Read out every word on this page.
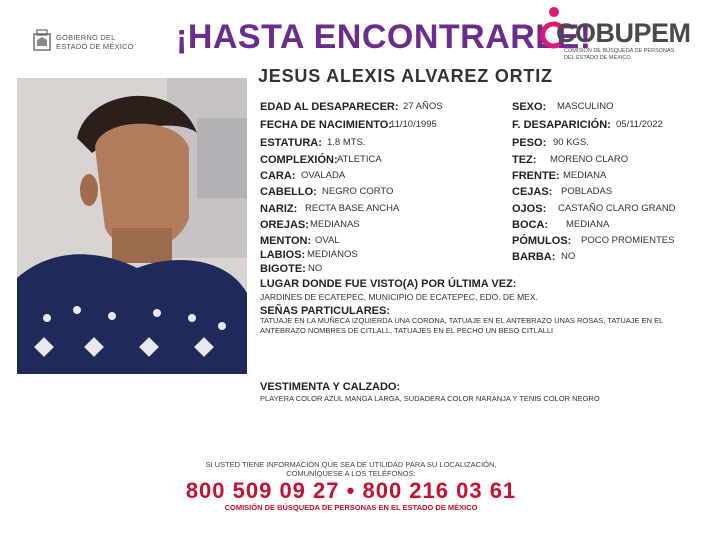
GOBIERNO DEL
ESTADO DE MÉXICO ¡HASTA ENCONTRARLE!
COBUPEM
COMISIÓN DE BÚSQUEDA DE PERSONAS
DEL ESTADO DE MÉXICO
JESUS ALEXIS ALVAREZ ORTIZ
EDAD AL DESAPARECER: 27 AÑOS
FECHA DE NACIMIENTO:
11/10/1995
ESTATURA: 1.8 MTS.
COMPLEXIÓN: ATLETICA
CARA: OVALADA
CABELLO: NEGRO CORTO
NARIZ: RECTA BASE ANCHA
OREJAS: MEDIANAS
MENTON: OVAL
LABIOS: MEDIANOS
BIGOTE: NO
SEXO: MASCULINO
F. DESAPARICIÓN: 05/11/2022
PESO: 90 KGS.
TEZ: MORENO CLARO
FRENTE: MEDIANA
CEJAS: POBLADAS
OJOS: CASTAÑO CLARO GRAND
BOCA: MEDIANA
PÓMULOS: POCO PROMIENTES
BARBA: NO
LUGAR DONDE FUE VISTO(A) POR ÚLTIMA VEZ:
JARDINES DE ECATEPEC, MUNICIPIO DE ECATEPEC, EDO. DE MEX.
SEÑAS PARTICULARES:
TATUAJE EN LA MUÑECA IZQUIERDA UNA CORONA, TATUAJE EN EL ANTEBRAZO UNAS ROSAS, TATUAJE EN EL ANTEBRAZO NOMBRES DE CITLALL, TATUAJES EN EL PECHO UN BESO CITLALLI
VESTIMENTA Y CALZADO:
PLAYERA COLOR AZUL MANGA LARGA, SUDADERA COLOR NARANJA Y TENIS COLOR NEGRO
SI USTED TIENE INFORMACIÓN QUE SEA DE UTILIDAD PARA SU LOCALIZACIÓN,
COMUNÍQUESE A LOS TELÉFONOS:
800 509 09 27 • 800 216 03 61
COMISIÓN DE BÚSQUEDA DE PERSONAS EN EL ESTADO DE MÉXICO
